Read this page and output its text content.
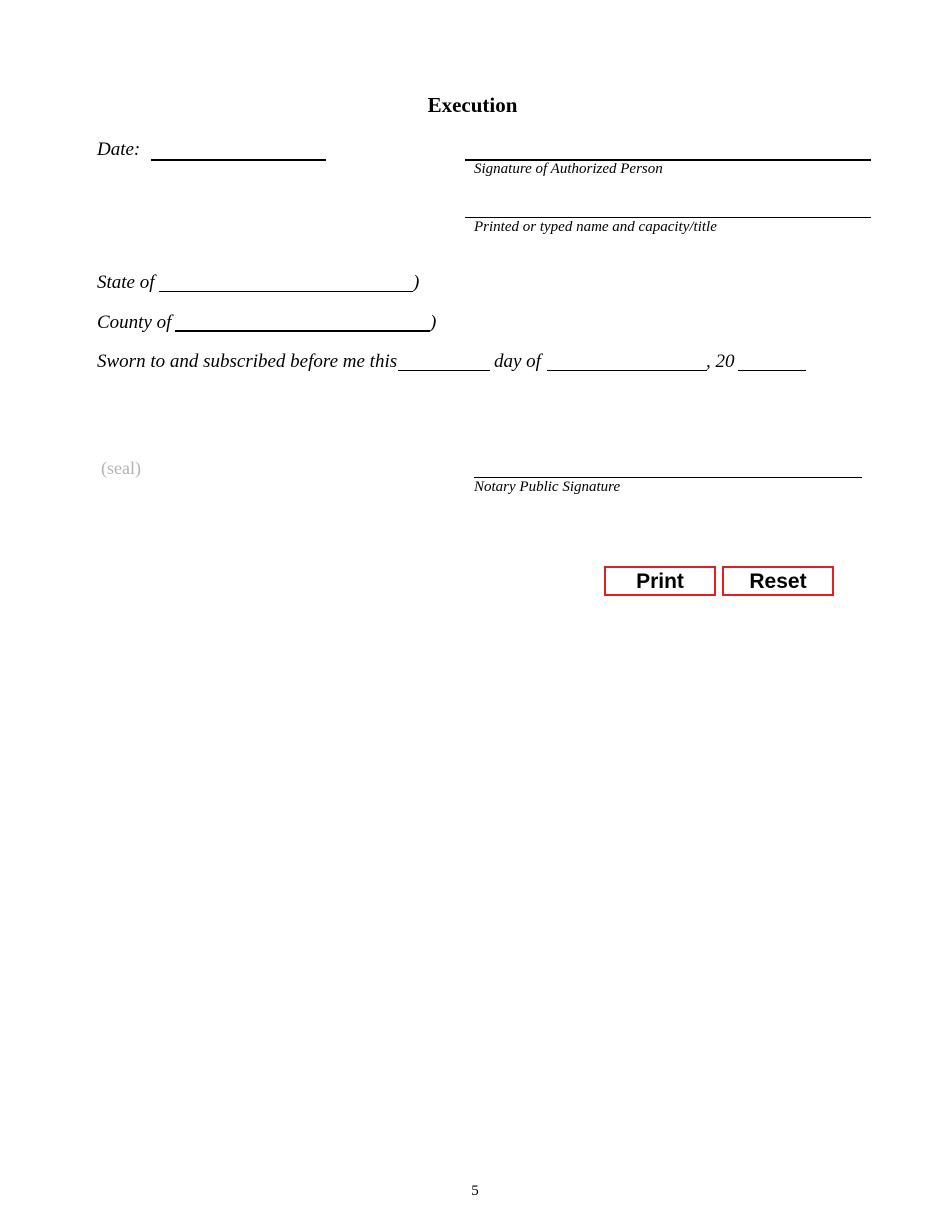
Execution
Date:
Signature of Authorized Person
Printed or typed name and capacity/title
State of	)
County of	)
Sworn to and subscribed before me this	day of	, 20
(seal)
Notary Public Signature
Print	Reset
5
